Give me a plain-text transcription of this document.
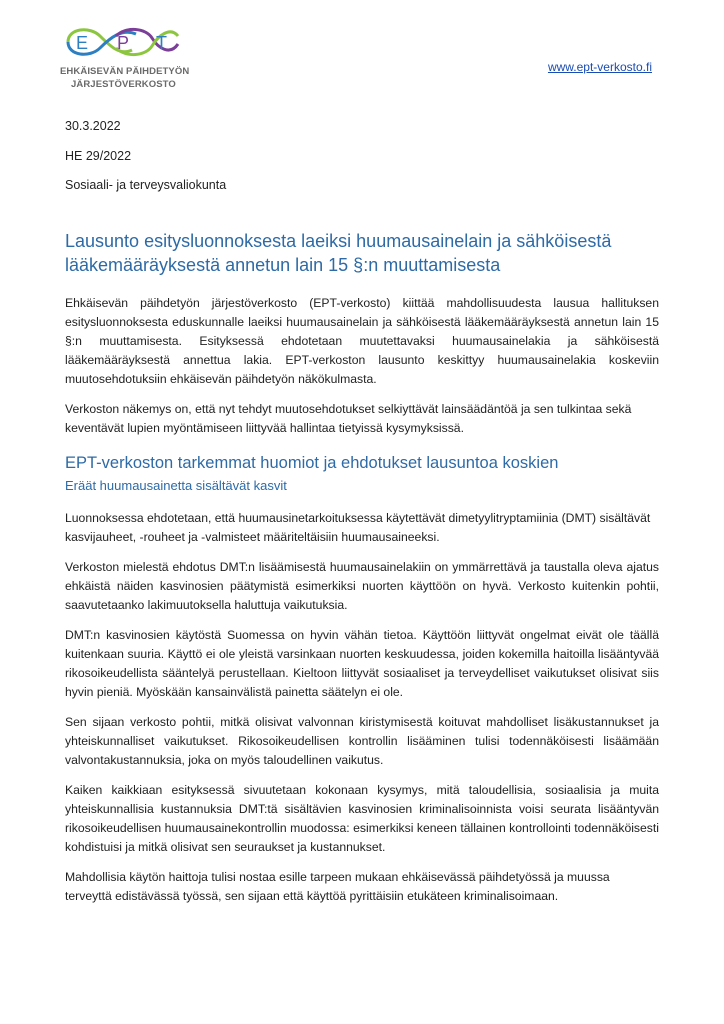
E P T
EHKÄISEVÄN PÄIHDETYÖN
JÄRJESTÖVERKOSTO
www.ept-verkosto.fi
30.3.2022
HE 29/2022
Sosiaali- ja terveysvaliokunta
Lausunto esitysluonnoksesta laeiksi huumausainelain ja sähköisestä lääkemääräyksestä annetun lain 15 §:n muuttamisesta

Ehkäisevän päihdetyön järjestöverkosto (EPT-verkosto) kiittää mahdollisuudesta lausua hallituksen esitysluonnoksesta eduskunnalle laeiksi huumausainelain ja sähköisestä lääkemääräyksestä annetun lain 15 §:n muuttamisesta. Esityksessä ehdotetaan muutettavaksi huumausainelakia ja sähköisestä lääkemääräyksestä annettua lakia. EPT-verkoston lausunto keskittyy huumausainelakia koskeviin muutosehdotuksiin ehkäisevän päihdetyön näkökulmasta.

Verkoston näkemys on, että nyt tehdyt muutosehdotukset selkiyttävät lainsäädäntöä ja sen tulkintaa sekä keventävät lupien myöntämiseen liittyvää hallintaa tietyissä kysymyksissä.

EPT-verkoston tarkemmat huomiot ja ehdotukset lausuntoa koskien
Eräät huumausainetta sisältävät kasvit

Luonnoksessa ehdotetaan, että huumausinetarkoituksessa käytettävät dimetyylitryptamiinia (DMT) sisältävät kasvijauheet, -rouheet ja -valmisteet määriteltäisiin huumausaineeksi.

Verkoston mielestä ehdotus DMT:n lisäämisestä huumausainelakiin on ymmärrettävä ja taustalla oleva ajatus ehkäistä näiden kasvinosien päätymistä esimerkiksi nuorten käyttöön on hyvä. Verkosto kuitenkin pohtii, saavutetaanko lakimuutoksella haluttuja vaikutuksia.

DMT:n kasvinosien käytöstä Suomessa on hyvin vähän tietoa. Käyttöön liittyvät ongelmat eivät ole täällä kuitenkaan suuria. Käyttö ei ole yleistä varsinkaan nuorten keskuudessa, joiden kokemilla haitoilla lisääntyvää rikosoikeudellista sääntelyä perustellaan. Kieltoon liittyvät sosiaaliset ja terveydelliset vaikutukset olisivat siis hyvin pieniä. Myöskään kansainvälistä painetta säätelyn ei ole.

Sen sijaan verkosto pohtii, mitkä olisivat valvonnan kiristymisestä koituvat mahdolliset lisäkustannukset ja yhteiskunnalliset vaikutukset. Rikosoikeudellisen kontrollin lisääminen tulisi todennäköisesti lisäämään valvontakustannuksia, joka on myös taloudellinen vaikutus.

Kaiken kaikkiaan esityksessä sivuutetaan kokonaan kysymys, mitä taloudellisia, sosiaalisia ja muita yhteiskunnallisia kustannuksia DMT:tä sisältävien kasvinosien kriminalisoinnista voisi seurata lisääntyvän rikosoikeudellisen huumausainekontrollin muodossa: esimerkiksi keneen tällainen kontrollointi todennäköisesti kohdistuisi ja mitkä olisivat sen seuraukset ja kustannukset.

Mahdollisia käytön haittoja tulisi nostaa esille tarpeen mukaan ehkäisevässä päihdetyössä ja muussa terveyttä edistävässä työssä, sen sijaan että käyttöä pyrittäisiin etukäteen kriminalisoimaan.
